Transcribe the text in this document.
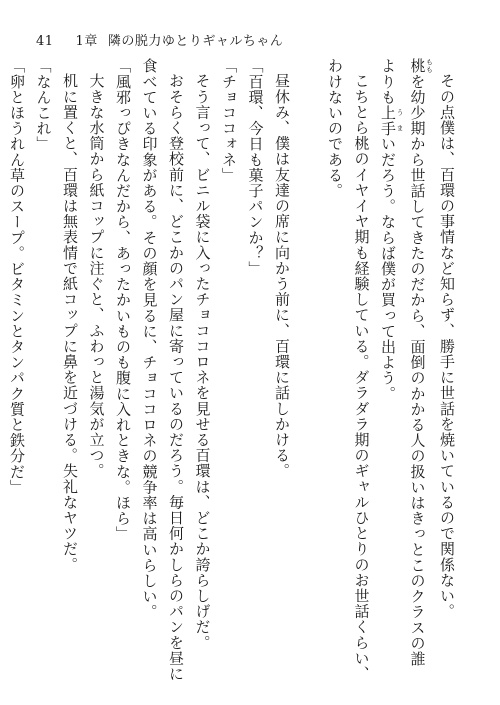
41 1章 隣の脱力ゆとりギャルちゃん

その点僕は、百環の事情など知らず、勝手に世話を焼いているので関係ない。

桃 ももを幼少期から世話してきたのだから、面倒のかかる人の扱いはきっとこのクラスの誰

よりも上手 うまいだろう。ならば僕が買って出よう。

こちとら桃のイヤイヤ期も経験している。ダラダラ期のギャルひとりのお世話くらい、

わけないのである。

昼休み、僕は友達の席に向かう前に、百環に話しかける。

「百環、今日も菓子パンか？」

「チョココォネ」

そう言って、ビニル袋に入ったチョココロネを見せる百環は、どこか誇らしげだ。

おそらく登校前に、どこかのパン屋に寄っているのだろう。毎日何かしらのパンを昼に

食べている印象がある。その顔を見るに、チョココロネの競争率は高いらしい。

「風邪っぴきなんだから、あったかいものも腹に入れときな。ほら」

大きな水筒から紙コップに注ぐと、ふわっと湯気が立つ。

机に置くと、百環は無表情で紙コップに鼻を近づける。失礼なヤツだ。

「なんこれ」

「卵とほうれん草のスープ。ビタミンとタンパク質と鉄分だ」
